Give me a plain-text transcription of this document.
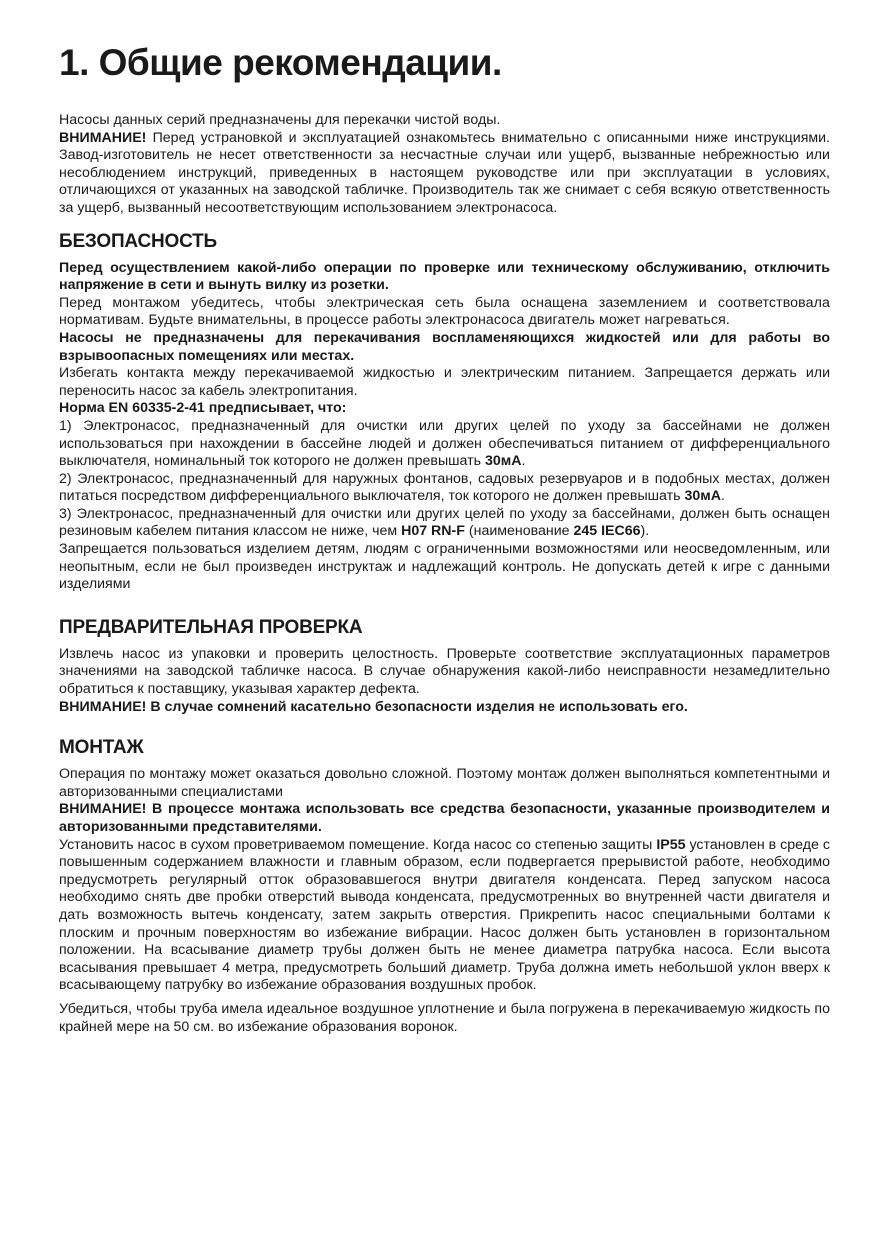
1. Общие рекомендации.

Насосы данных серий предназначены для перекачки чистой воды.

ВНИМАНИЕ! Перед устрановкой и эксплуатацией ознакомьтесь внимательно с описанными ниже инструкциями. Завод-изготовитель не несет ответственности за несчастные случаи или ущерб, вызванные небрежностью или несоблюдением инструкций, приведенных в настоящем руководстве или при эксплуатации в условиях, отличающихся от указанных на заводской табличке. Производитель так же снимает с себя всякую ответственность за ущерб, вызванный несоответствующим использованием электронасоса.

БЕЗОПАСНОСТЬ

Перед осуществлением какой-либо операции по проверке или техническому обслуживанию, отключить напряжение в сети и вынуть вилку из розетки.

Перед монтажом убедитесь, чтобы электрическая сеть была оснащена заземлением и соответствовала нормативам. Будьте внимательны, в процессе работы электронасоса двигатель может нагреваться.

Насосы не предназначены для перекачивания воспламеняющихся жидкостей или для работы во взрывоопасных помещениях или местах.

Избегать контакта между перекачиваемой жидкостью и электрическим питанием. Запрещается держать или переносить насос за кабель электропитания.

Норма EN 60335-2-41 предписывает, что:

1) Электронасос, предназначенный для очистки или других целей по уходу за бассейнами не должен использоваться при нахождении в бассейне людей и должен обеспечиваться питанием от дифференциального выключателя, номинальный ток которого не должен превышать 30мА.

2) Электронасос, предназначенный для наружных фонтанов, садовых резервуаров и в подобных местах, должен питаться посредством дифференциального выключателя, ток которого не должен превышать 30мА.

3) Электронасос, предназначенный для очистки или других целей по уходу за бассейнами, должен быть оснащен резиновым кабелем питания классом не ниже, чем H07 RN-F (наименование 245 IEC66).

Запрещается пользоваться изделием детям, людям с ограниченными возможностями или неосведомленным, или неопытным, если не был произведен инструктаж и надлежащий контроль. Не допускать детей к игре с данными изделиями

ПРЕДВАРИТЕЛЬНАЯ ПРОВЕРКА

Извлечь насос из упаковки и проверить целостность. Проверьте соответствие эксплуатационных параметров значениями на заводской табличке насоса. В случае обнаружения какой-либо неисправности незамедлительно обратиться к поставщику, указывая характер дефекта.

ВНИМАНИЕ! В случае сомнений касательно безопасности изделия не использовать его.

МОНТАЖ

Операция по монтажу может оказаться довольно сложной. Поэтому монтаж должен выполняться компетентными и авторизованными специалистами

ВНИМАНИЕ! В процессе монтажа использовать все средства безопасности, указанные производителем и авторизованными представителями.

Установить насос в сухом проветриваемом помещение. Когда насос со степенью защиты IP55 установлен в среде с повышенным содержанием влажности и главным образом, если подвергается прерывистой работе, необходимо предусмотреть регулярный отток образовавшегося внутри двигателя конденсата. Перед запуском насоса необходимо снять две пробки отверстий вывода конденсата, предусмотренных во внутренней части двигателя и дать возможность вытечь конденсату, затем закрыть отверстия. Прикрепить насос специальными болтами к плоским и прочным поверхностям во избежание вибрации. Насос должен быть установлен в горизонтальном положении. На всасывание диаметр трубы должен быть не менее диаметра патрубка насоса. Если высота всасывания превышает 4 метра, предусмотреть больший диаметр. Труба должна иметь небольшой уклон вверх к всасывающему патрубку во избежание образования воздушных пробок.

Убедиться, чтобы труба имела идеальное воздушное уплотнение и была погружена в перекачиваемую жидкость по крайней мере на 50 см. во избежание образования воронок.
